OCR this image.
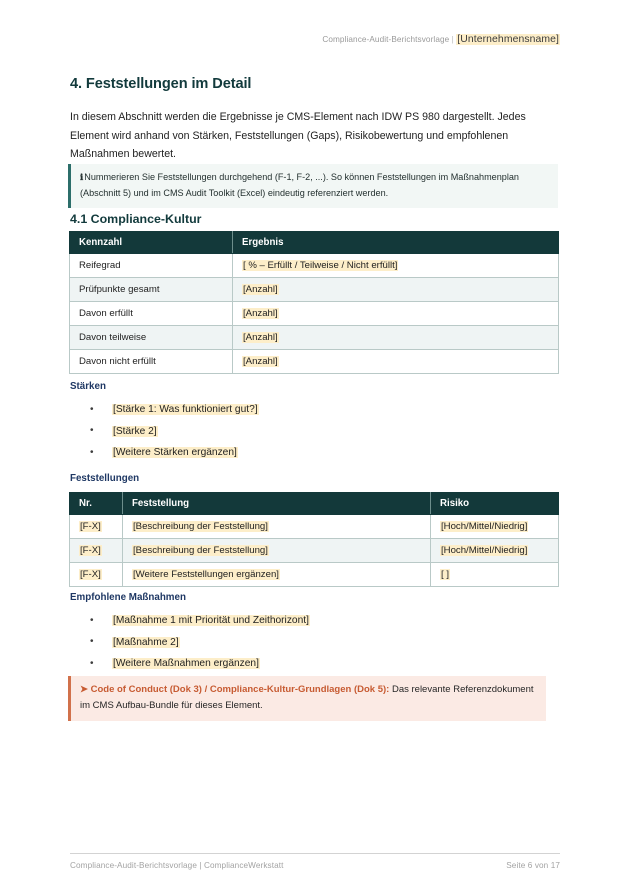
Compliance-Audit-Berichtsvorlage | [Unternehmensname]
4. Feststellungen im Detail
In diesem Abschnitt werden die Ergebnisse je CMS-Element nach IDW PS 980 dargestellt. Jedes Element wird anhand von Stärken, Feststellungen (Gaps), Risikobewertung und empfohlenen Maßnahmen bewertet.
ℹNummerieren Sie Feststellungen durchgehend (F-1, F-2, ...). So können Feststellungen im Maßnahmenplan (Abschnitt 5) und im CMS Audit Toolkit (Excel) eindeutig referenziert werden.
4.1 Compliance-Kultur
Kennzahl	Ergebnis
Reifegrad	[ % – Erfüllt / Teilweise / Nicht erfüllt]
Prüfpunkte gesamt	[Anzahl]
Davon erfüllt	[Anzahl]
Davon teilweise	[Anzahl]
Davon nicht erfüllt	[Anzahl]
Stärken
• [Stärke 1: Was funktioniert gut?]
• [Stärke 2]
• [Weitere Stärken ergänzen]
Feststellungen
Nr.	Feststellung	Risiko
[F-X]	[Beschreibung der Feststellung]	[Hoch/Mittel/Niedrig]
[F-X]	[Beschreibung der Feststellung]	[Hoch/Mittel/Niedrig]
[F-X]	[Weitere Feststellungen ergänzen]	[ ]
Empfohlene Maßnahmen
• [Maßnahme 1 mit Priorität und Zeithorizont]
• [Maßnahme 2]
• [Weitere Maßnahmen ergänzen]
➤ Code of Conduct (Dok 3) / Compliance-Kultur-Grundlagen (Dok 5): Das relevante Referenzdokument im CMS Aufbau-Bundle für dieses Element.
Compliance-Audit-Berichtsvorlage | ComplianceWerkstatt	Seite 6 von 17
